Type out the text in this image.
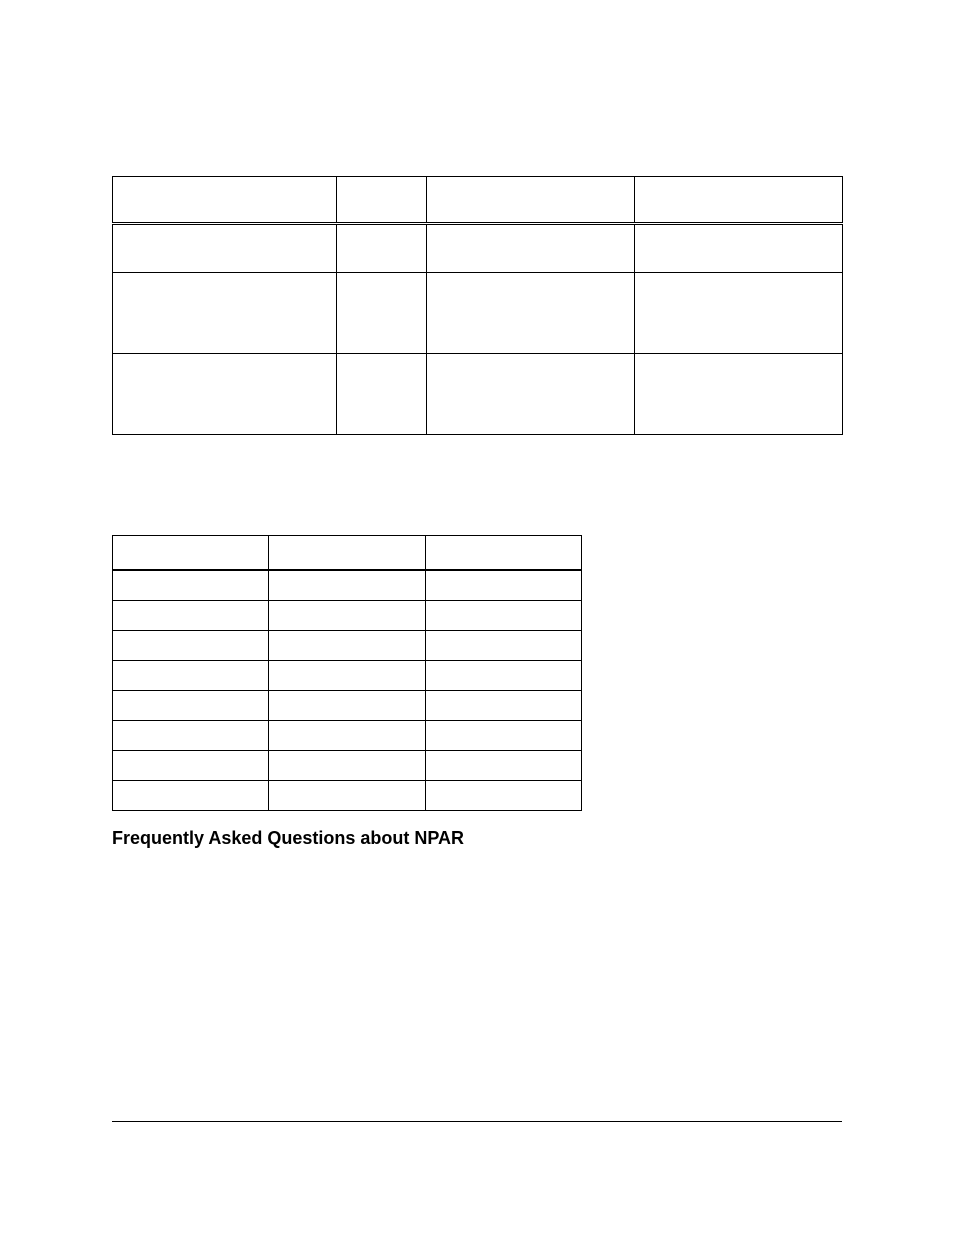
Frequently Asked Questions about NPAR
